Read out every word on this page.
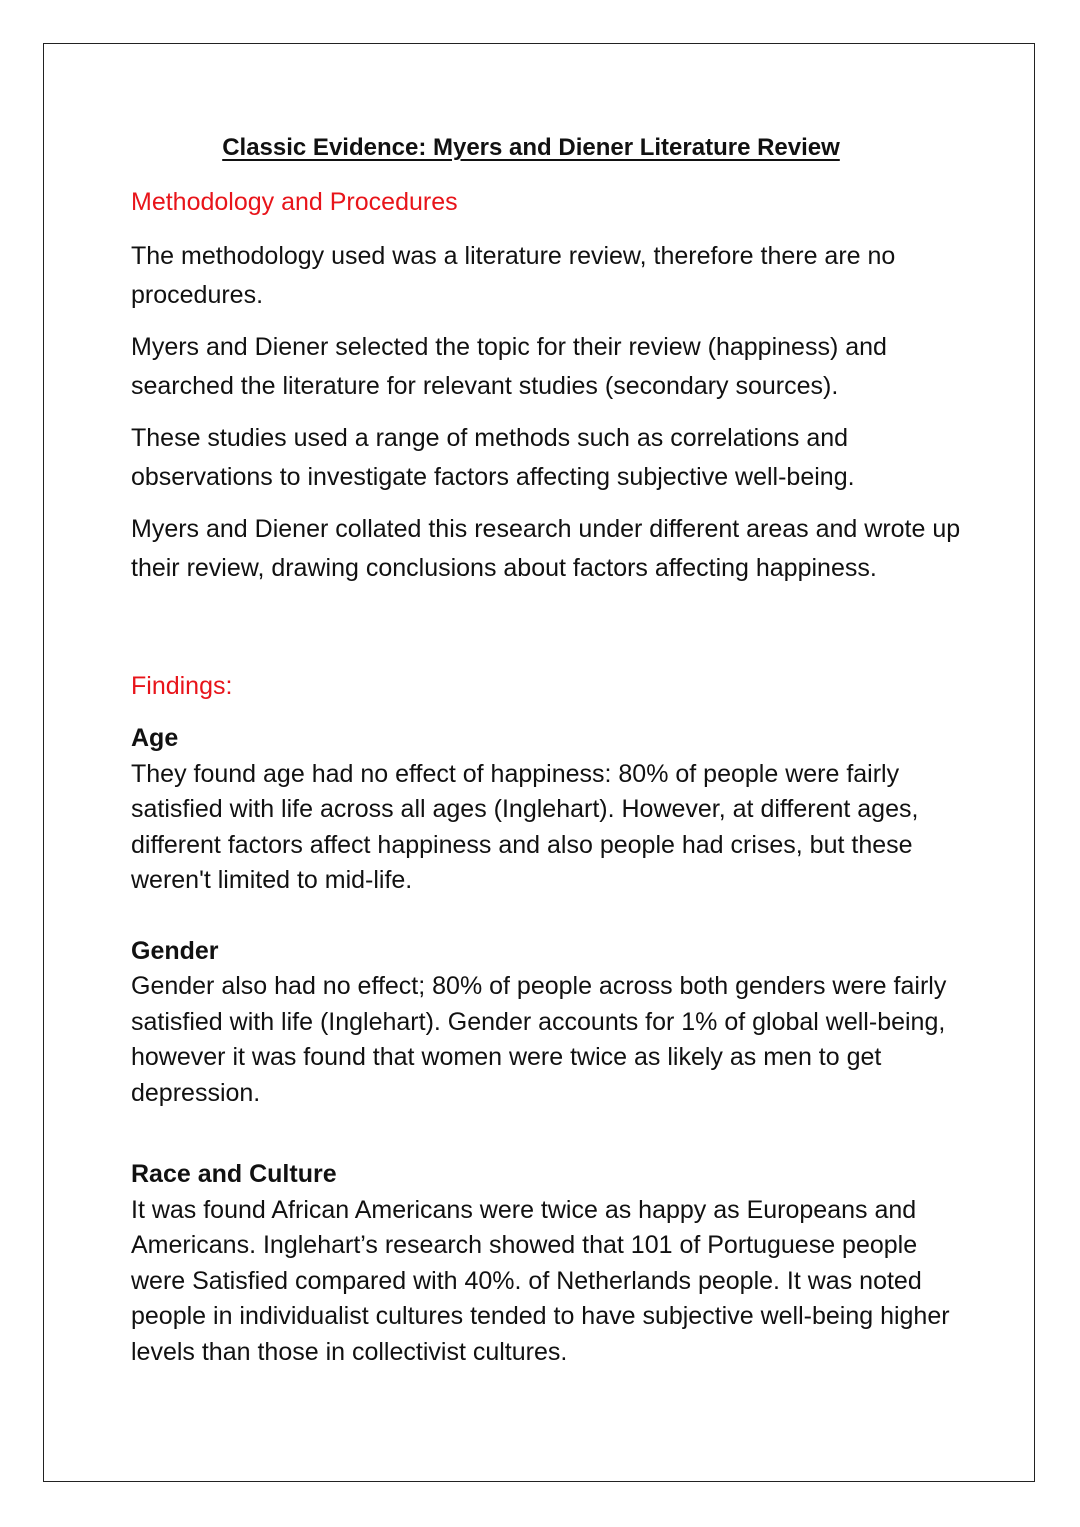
Classic Evidence: Myers and Diener Literature Review
Methodology and Procedures

The methodology used was a literature review, therefore there are no procedures.

Myers and Diener selected the topic for their review (happiness) and searched the literature for relevant studies (secondary sources).

These studies used a range of methods such as correlations and observations to investigate factors affecting subjective well-being.

Myers and Diener collated this research under different areas and wrote up their review, drawing conclusions about factors affecting happiness.

Findings:
Age

They found age had no effect of happiness: 80% of people were fairly satisfied with life across all ages (Inglehart). However, at different ages, different factors affect happiness and also people had crises, but these weren't limited to mid-life.

Gender

Gender also had no effect; 80% of people across both genders were fairly satisfied with life (Inglehart). Gender accounts for 1% of global well-being, however it was found that women were twice as likely as men to get depression.

Race and Culture

It was found African Americans were twice as happy as Europeans and Americans. Inglehart’s research showed that 101 of Portuguese people were Satisfied compared with 40%. of Netherlands people. It was noted people in individualist cultures tended to have subjective well-being higher levels than those in collectivist cultures.
